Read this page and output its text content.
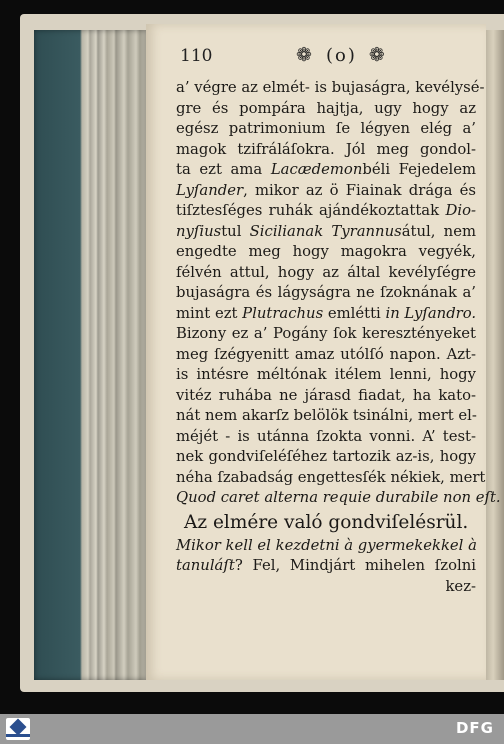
110	❁ (o) ❁
a’ végre az elmét- is bujaságra, kevélysé-
gre és pompára hajtja, ugy hogy az
egész patrimonium ſe légyen elég a’
magok tzifráláſokra. Jól meg gondol-
ta ezt ama Lacædemonbéli Fejedelem
Lyſander, mikor az ö Fiainak drága és
tiſztesſéges ruhák ajándékoztattak Dio-
nyſiustul Sicilianak Tyrannusátul, nem
engedte meg hogy magokra vegyék,
félvén attul, hogy az által kevélyſégre
bujaságra és lágyságra ne ſzoknának a’
mint ezt Plutrachus emlétti in Lyſandro.
Bizony ez a’ Pogány ſok keresztényeket
meg ſzégyenitt amaz utólſó napon. Azt-
is intésre méltónak itélem lenni, hogy
vitéz ruhába ne járasd fiadat, ha kato-
nát nem akarſz belölök tsinálni, mert el-
méjét - is utánna ſzokta vonni. A’ test-
nek gondviſeléſéhez tartozik az-is, hogy
néha ſzabadság engettesſék nékiek, mert
Quod caret alterna requie durabile non eſt.
Az elmére való gondviſelésrül.
Mikor kell el kezdetni à gyermekekkel à
tanuláſt? Fel, Mindjárt mihelen ſzolni
kez-
DFG
